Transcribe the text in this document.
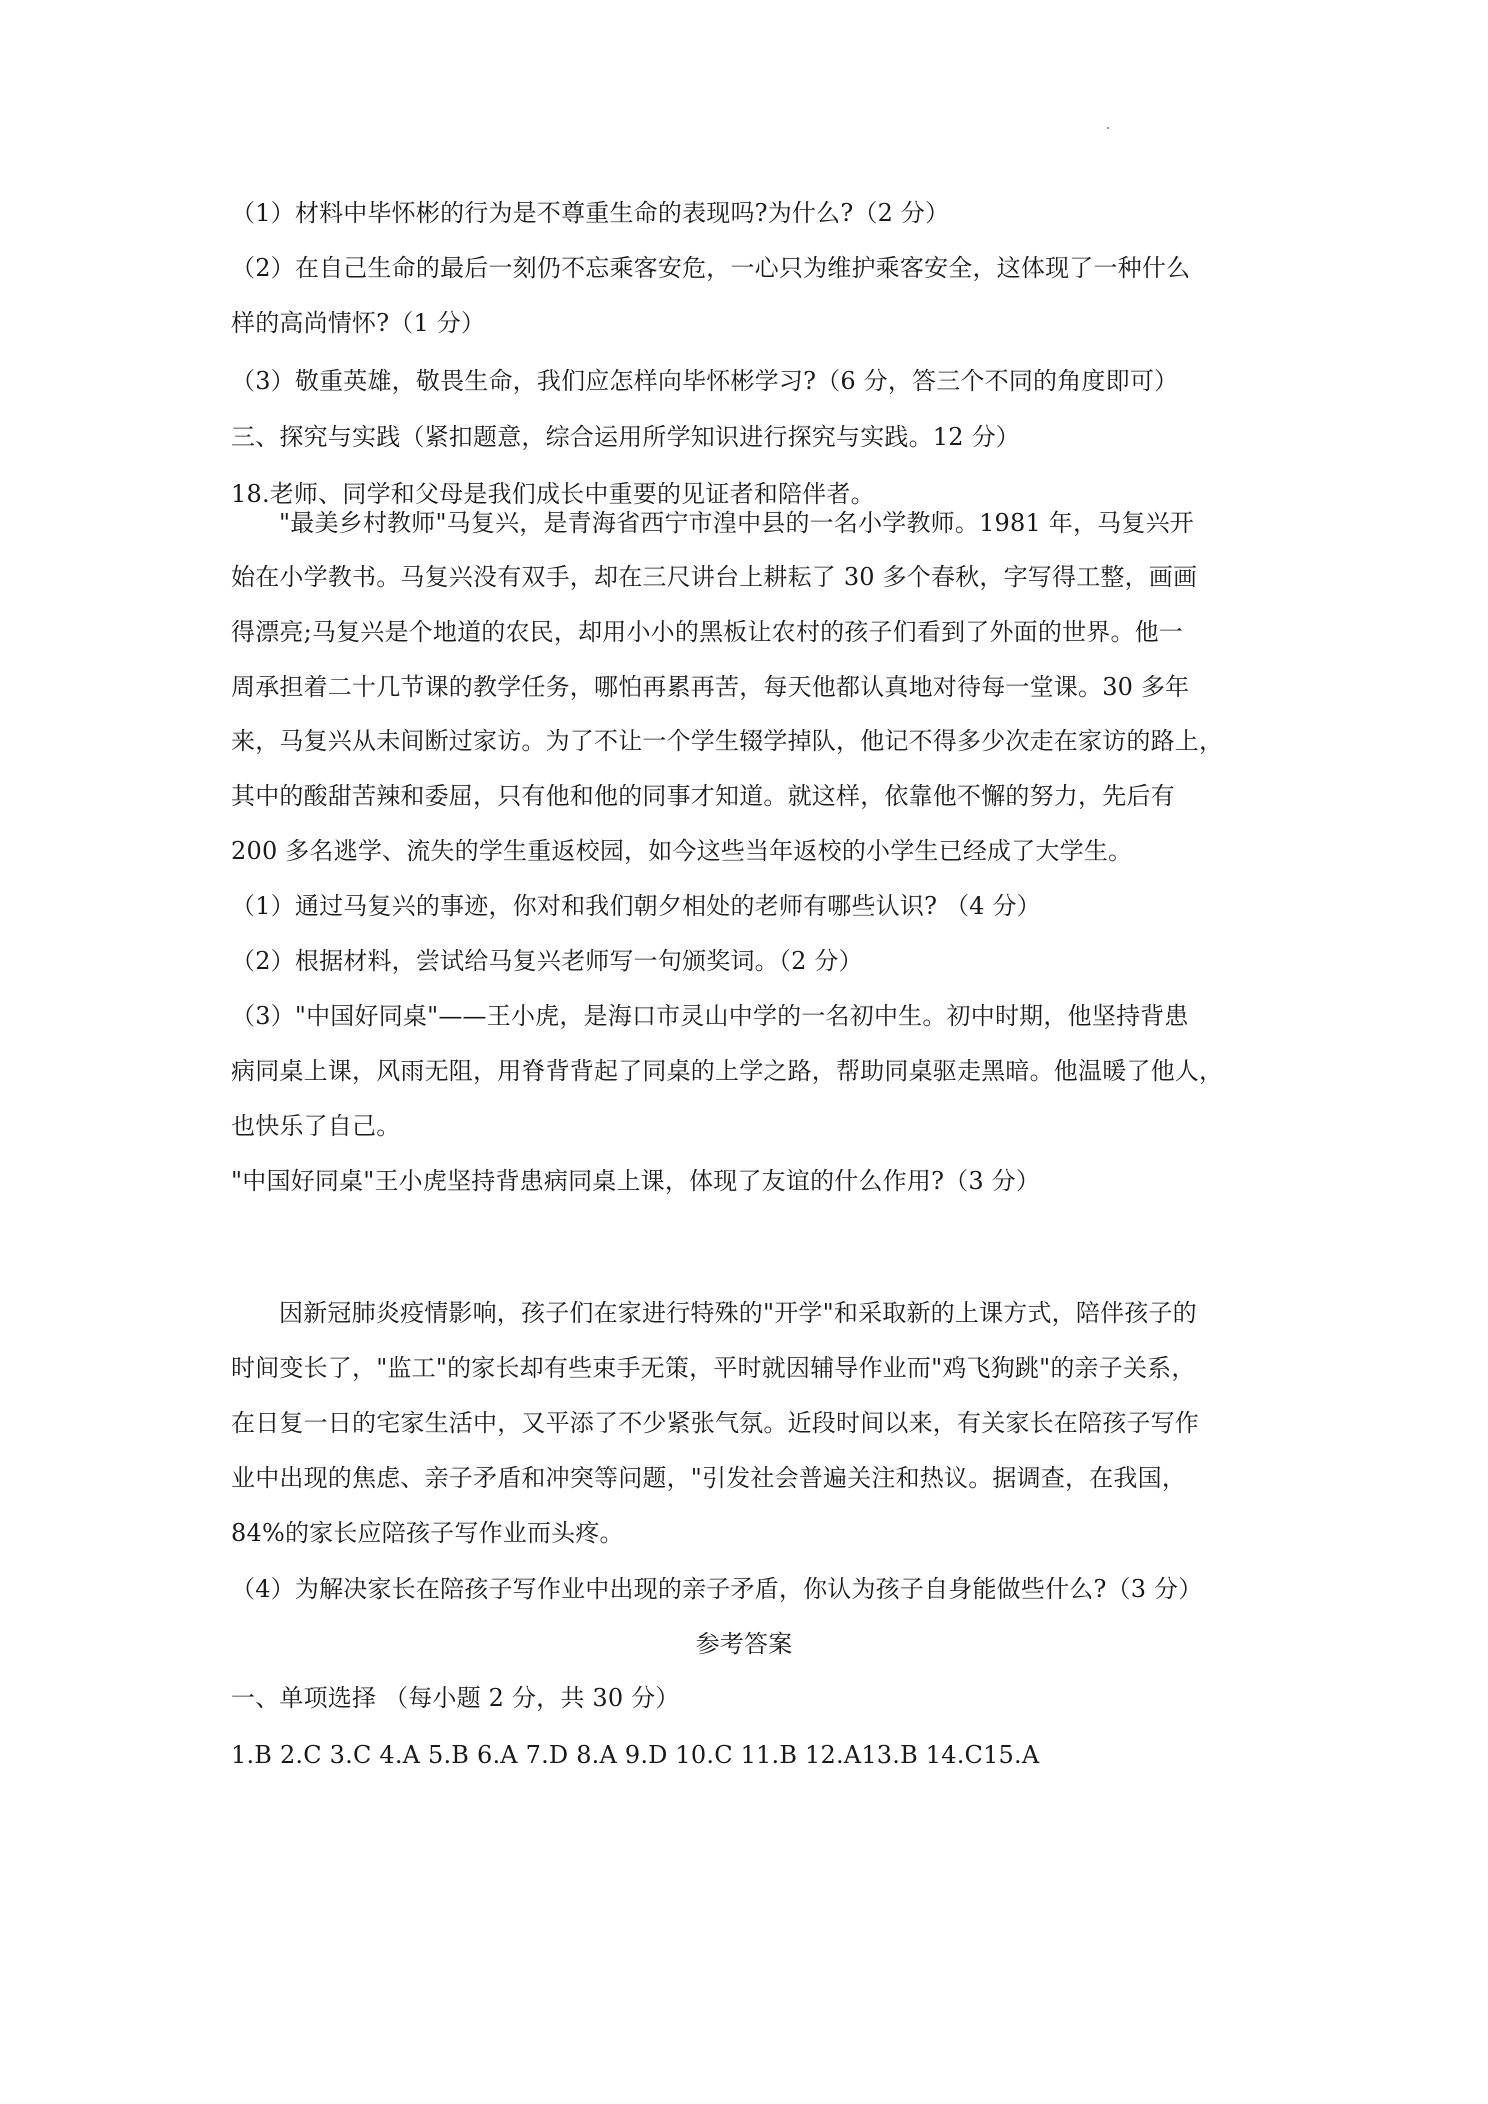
（1）材料中毕怀彬的行为是不尊重生命的表现吗?为什么?（2 分）
（2）在自己生命的最后一刻仍不忘乘客安危，一心只为维护乘客安全，这体现了一种什么
样的高尚情怀?（1 分）
（3）敬重英雄，敬畏生命，我们应怎样向毕怀彬学习?（6 分，答三个不同的角度即可）
三、探究与实践（紧扣题意，综合运用所学知识进行探究与实践。12 分）
18.老师、同学和父母是我们成长中重要的见证者和陪伴者。
"最美乡村教师"马复兴，是青海省西宁市湟中县的一名小学教师。1981 年，马复兴开
始在小学教书。马复兴没有双手，却在三尺讲台上耕耘了 30 多个春秋，字写得工整，画画
得漂亮;马复兴是个地道的农民，却用小小的黑板让农村的孩子们看到了外面的世界。他一
周承担着二十几节课的教学任务，哪怕再累再苦，每天他都认真地对待每一堂课。30 多年
来，马复兴从未间断过家访。为了不让一个学生辍学掉队，他记不得多少次走在家访的路上，
其中的酸甜苦辣和委屈，只有他和他的同事才知道。就这样，依靠他不懈的努力，先后有
200 多名逃学、流失的学生重返校园，如今这些当年返校的小学生已经成了大学生。
（1）通过马复兴的事迹，你对和我们朝夕相处的老师有哪些认识? （4 分）
（2）根据材料，尝试给马复兴老师写一句颁奖词。（2 分）
（3）"中国好同桌"——王小虎，是海口市灵山中学的一名初中生。初中时期，他坚持背患
病同桌上课，风雨无阻，用脊背背起了同桌的上学之路，帮助同桌驱走黑暗。他温暖了他人，
也快乐了自己。
"中国好同桌"王小虎坚持背患病同桌上课，体现了友谊的什么作用?（3 分）
因新冠肺炎疫情影响，孩子们在家进行特殊的"开学"和采取新的上课方式，陪伴孩子的
时间变长了，"监工"的家长却有些束手无策，平时就因辅导作业而"鸡飞狗跳"的亲子关系，
在日复一日的宅家生活中，又平添了不少紧张气氛。近段时间以来，有关家长在陪孩子写作
业中出现的焦虑、亲子矛盾和冲突等问题，"引发社会普遍关注和热议。据调查，在我国，
84%的家长应陪孩子写作业而头疼。
（4）为解决家长在陪孩子写作业中出现的亲子矛盾，你认为孩子自身能做些什么?（3 分）
参考答案
一、单项选择 （每小题 2 分，共 30 分）
1.B 2.C 3.C 4.A 5.B 6.A 7.D 8.A 9.D 10.C 11.B 12.A13.B 14.C15.A
